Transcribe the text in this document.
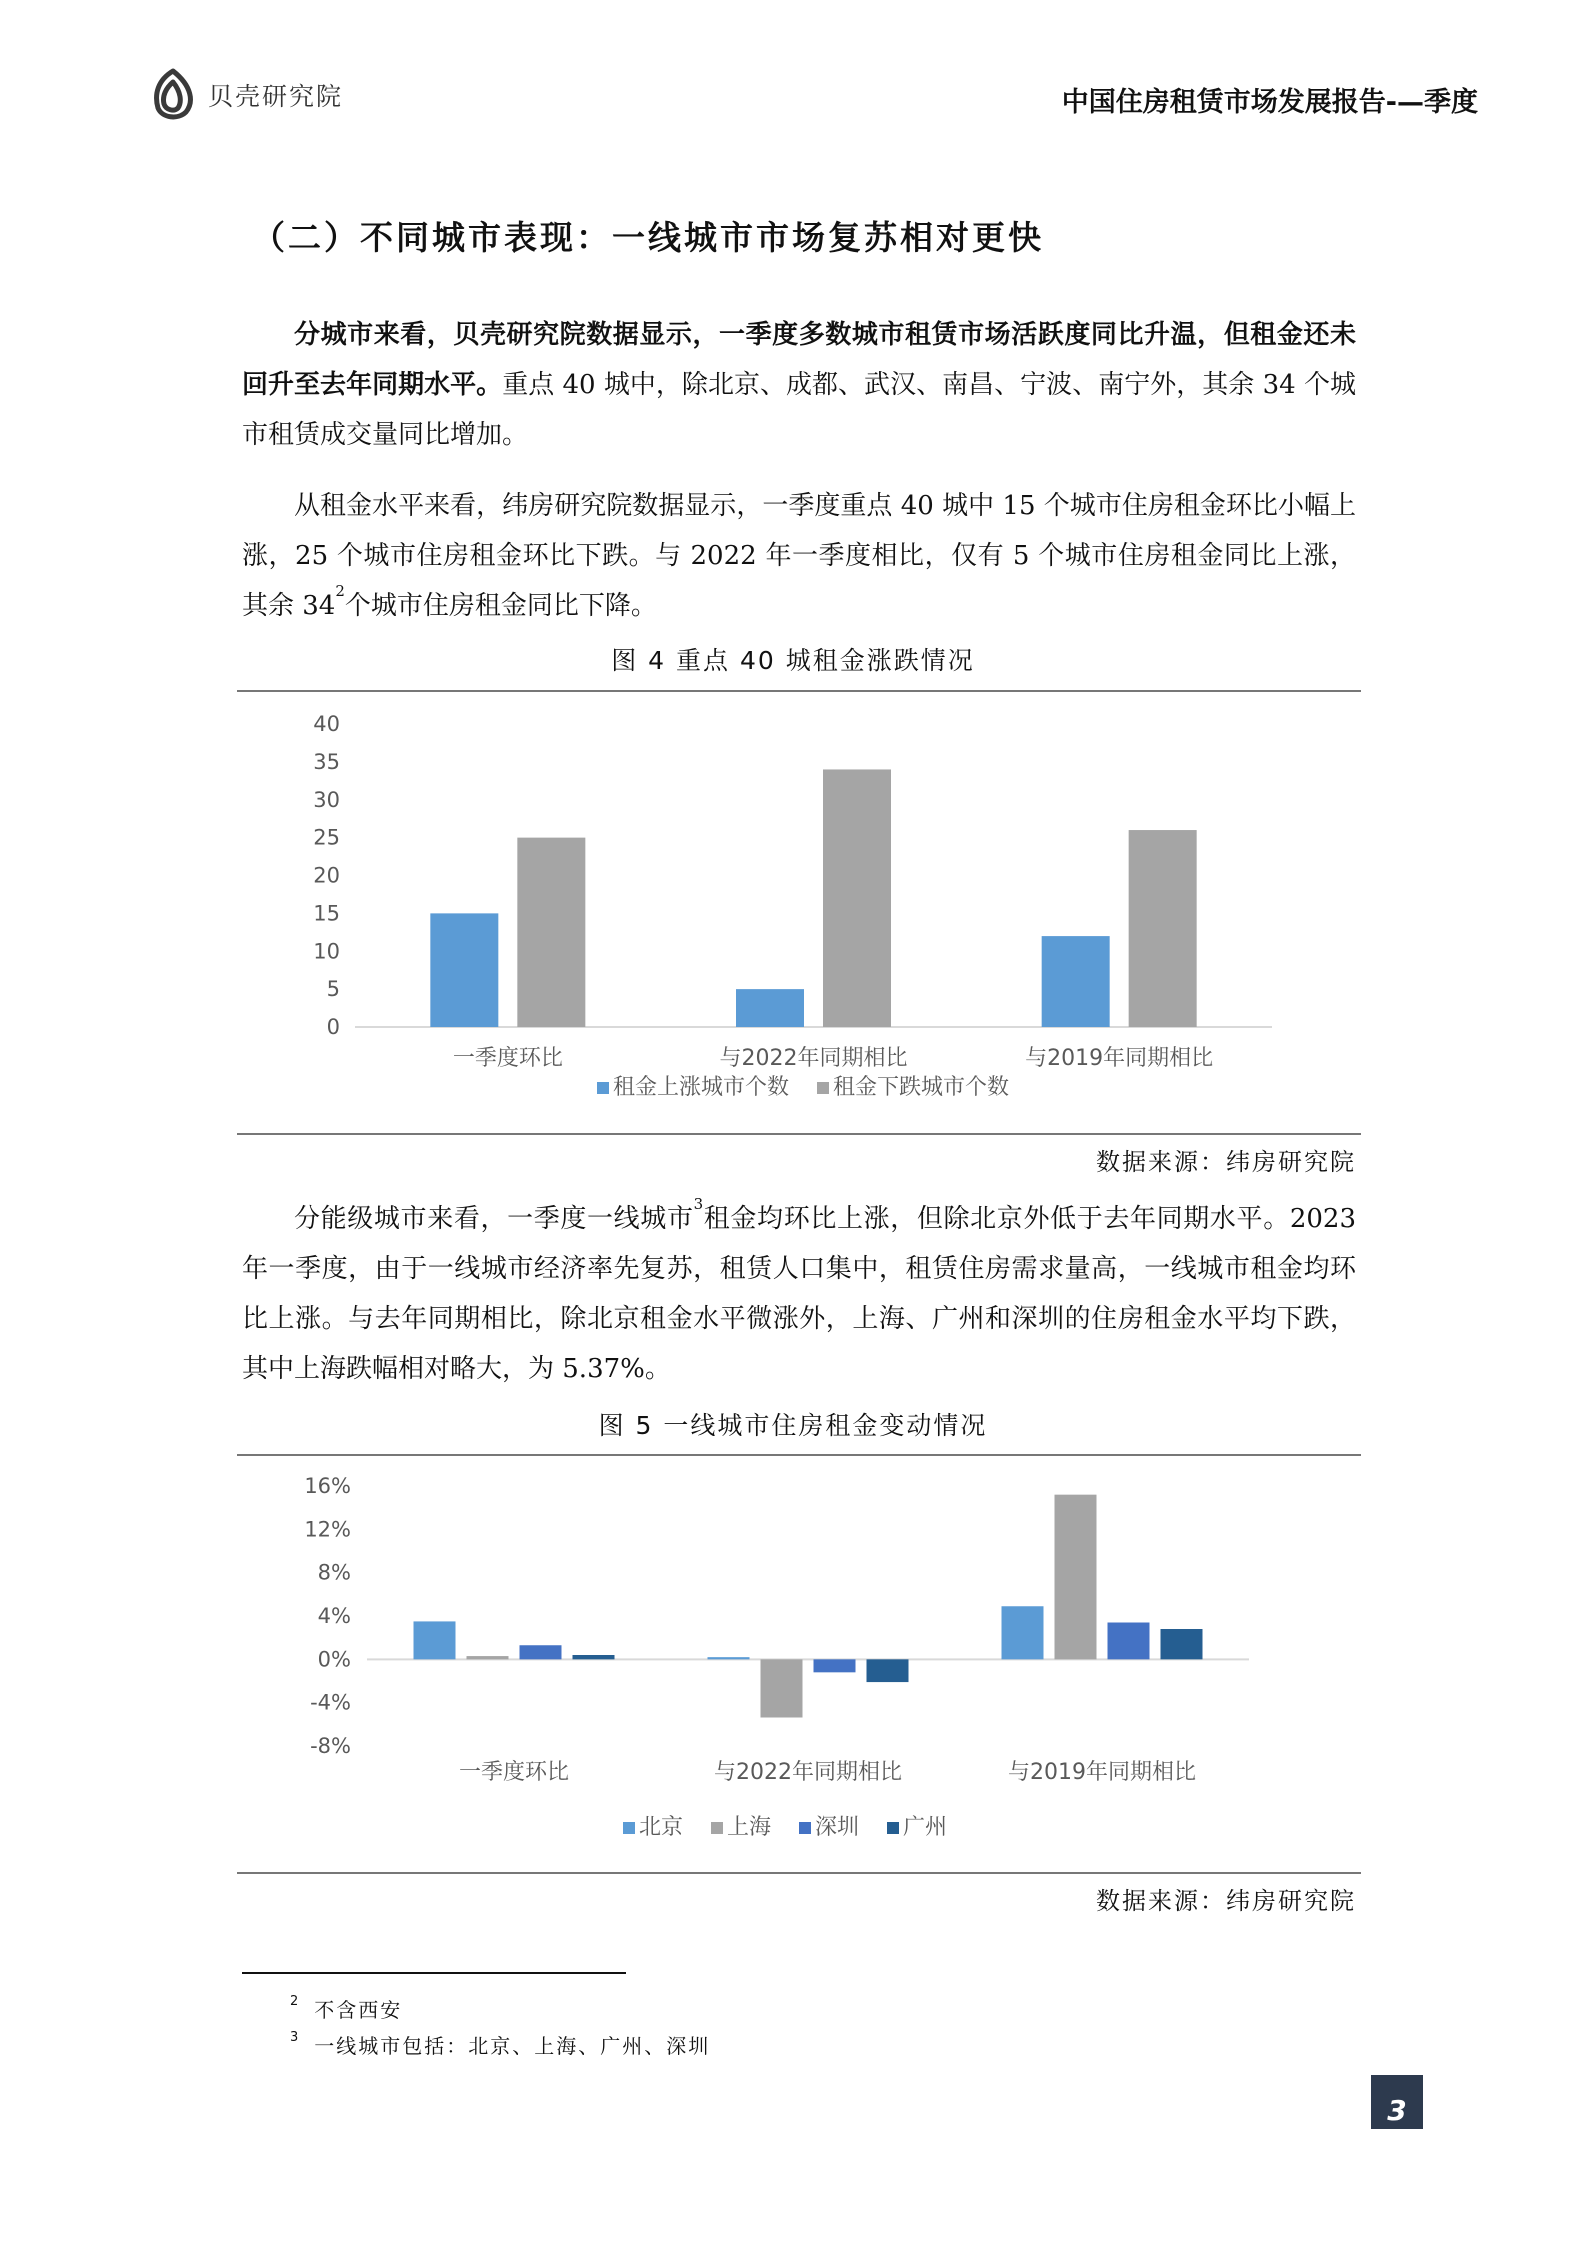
贝壳研究院	中国住房租赁市场发展报告-—季度
（二）不同城市表现：一线城市市场复苏相对更快

分城市来看，贝壳研究院数据显示，一季度多数城市租赁市场活跃度同比升温，但租金还未回升至去年同期水平。重点 40 城中，除北京、成都、武汉、南昌、宁波、南宁外，其余 34 个城市租赁成交量同比增加。

从租金水平来看，纬房研究院数据显示，一季度重点 40 城中 15 个城市住房租金环比小幅上涨，25 个城市住房租金环比下跌。与 2022 年一季度相比，仅有 5 个城市住房租金同比上涨，其余 $34^2$个城市住房租金同比下降。

图 4 重点 40 城租金涨跌情况
0
5
10
15
20
25
30
35
40
一季度环比	与2022年同期相比	与2019年同期相比
租金上涨城市个数 租金下跌城市个数
数据来源：纬房研究院

分能级城市来看，一季度一线城市$^3$租金均环比上涨，但除北京外低于去年同期水平。2023 年一季度，由于一线城市经济率先复苏，租赁人口集中，租赁住房需求量高，一线城市租金均环比上涨。与去年同期相比，除北京租金水平微涨外，上海、广州和深圳的住房租金水平均下跌，其中上海跌幅相对略大，为 5.37%。

图 5 一线城市住房租金变动情况
-8%
-4%
0%
4%
8%
12%
16%
一季度环比	与2022年同期相比	与2019年同期相比
北京 上海 深圳 广州
数据来源：纬房研究院
$^2$ 不含西安
$^3$ 一线城市包括：北京、上海、广州、深圳
3
